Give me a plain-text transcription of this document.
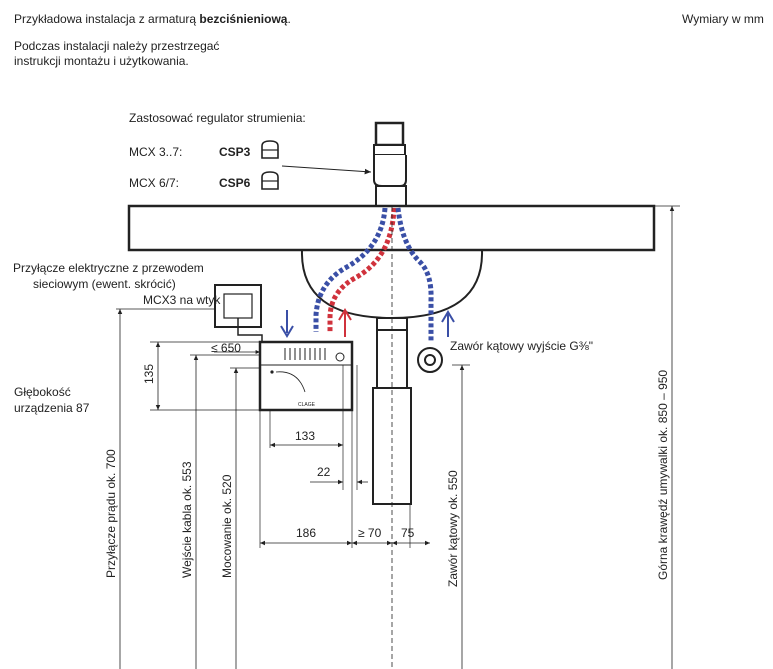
Przykładowa instalacja z armaturą bezciśnieniową.	Wymiary w mm
Podczas instalacji należy przestrzegać
instrukcji montażu i użytkowania.
Zastosować regulator strumienia:
MCX 3..7:	CSP3
MCX 6/7:	CSP6
Zawór kątowy wyjście G⅜"
CLAGE
Przyłącze elektryczne z przewodem
sieciowym (ewent. skrócić)
MCX3 na wtyk
Głębokość
urządzenia 87
≤ 650
135
133
22
186	≥ 70 75
Przyłącze prądu ok. 700	Wejście kabla ok. 553 Mocowanie ok. 520	Zawór kątowy ok. 550	Górna krawędź umywalki ok. 850 – 950
